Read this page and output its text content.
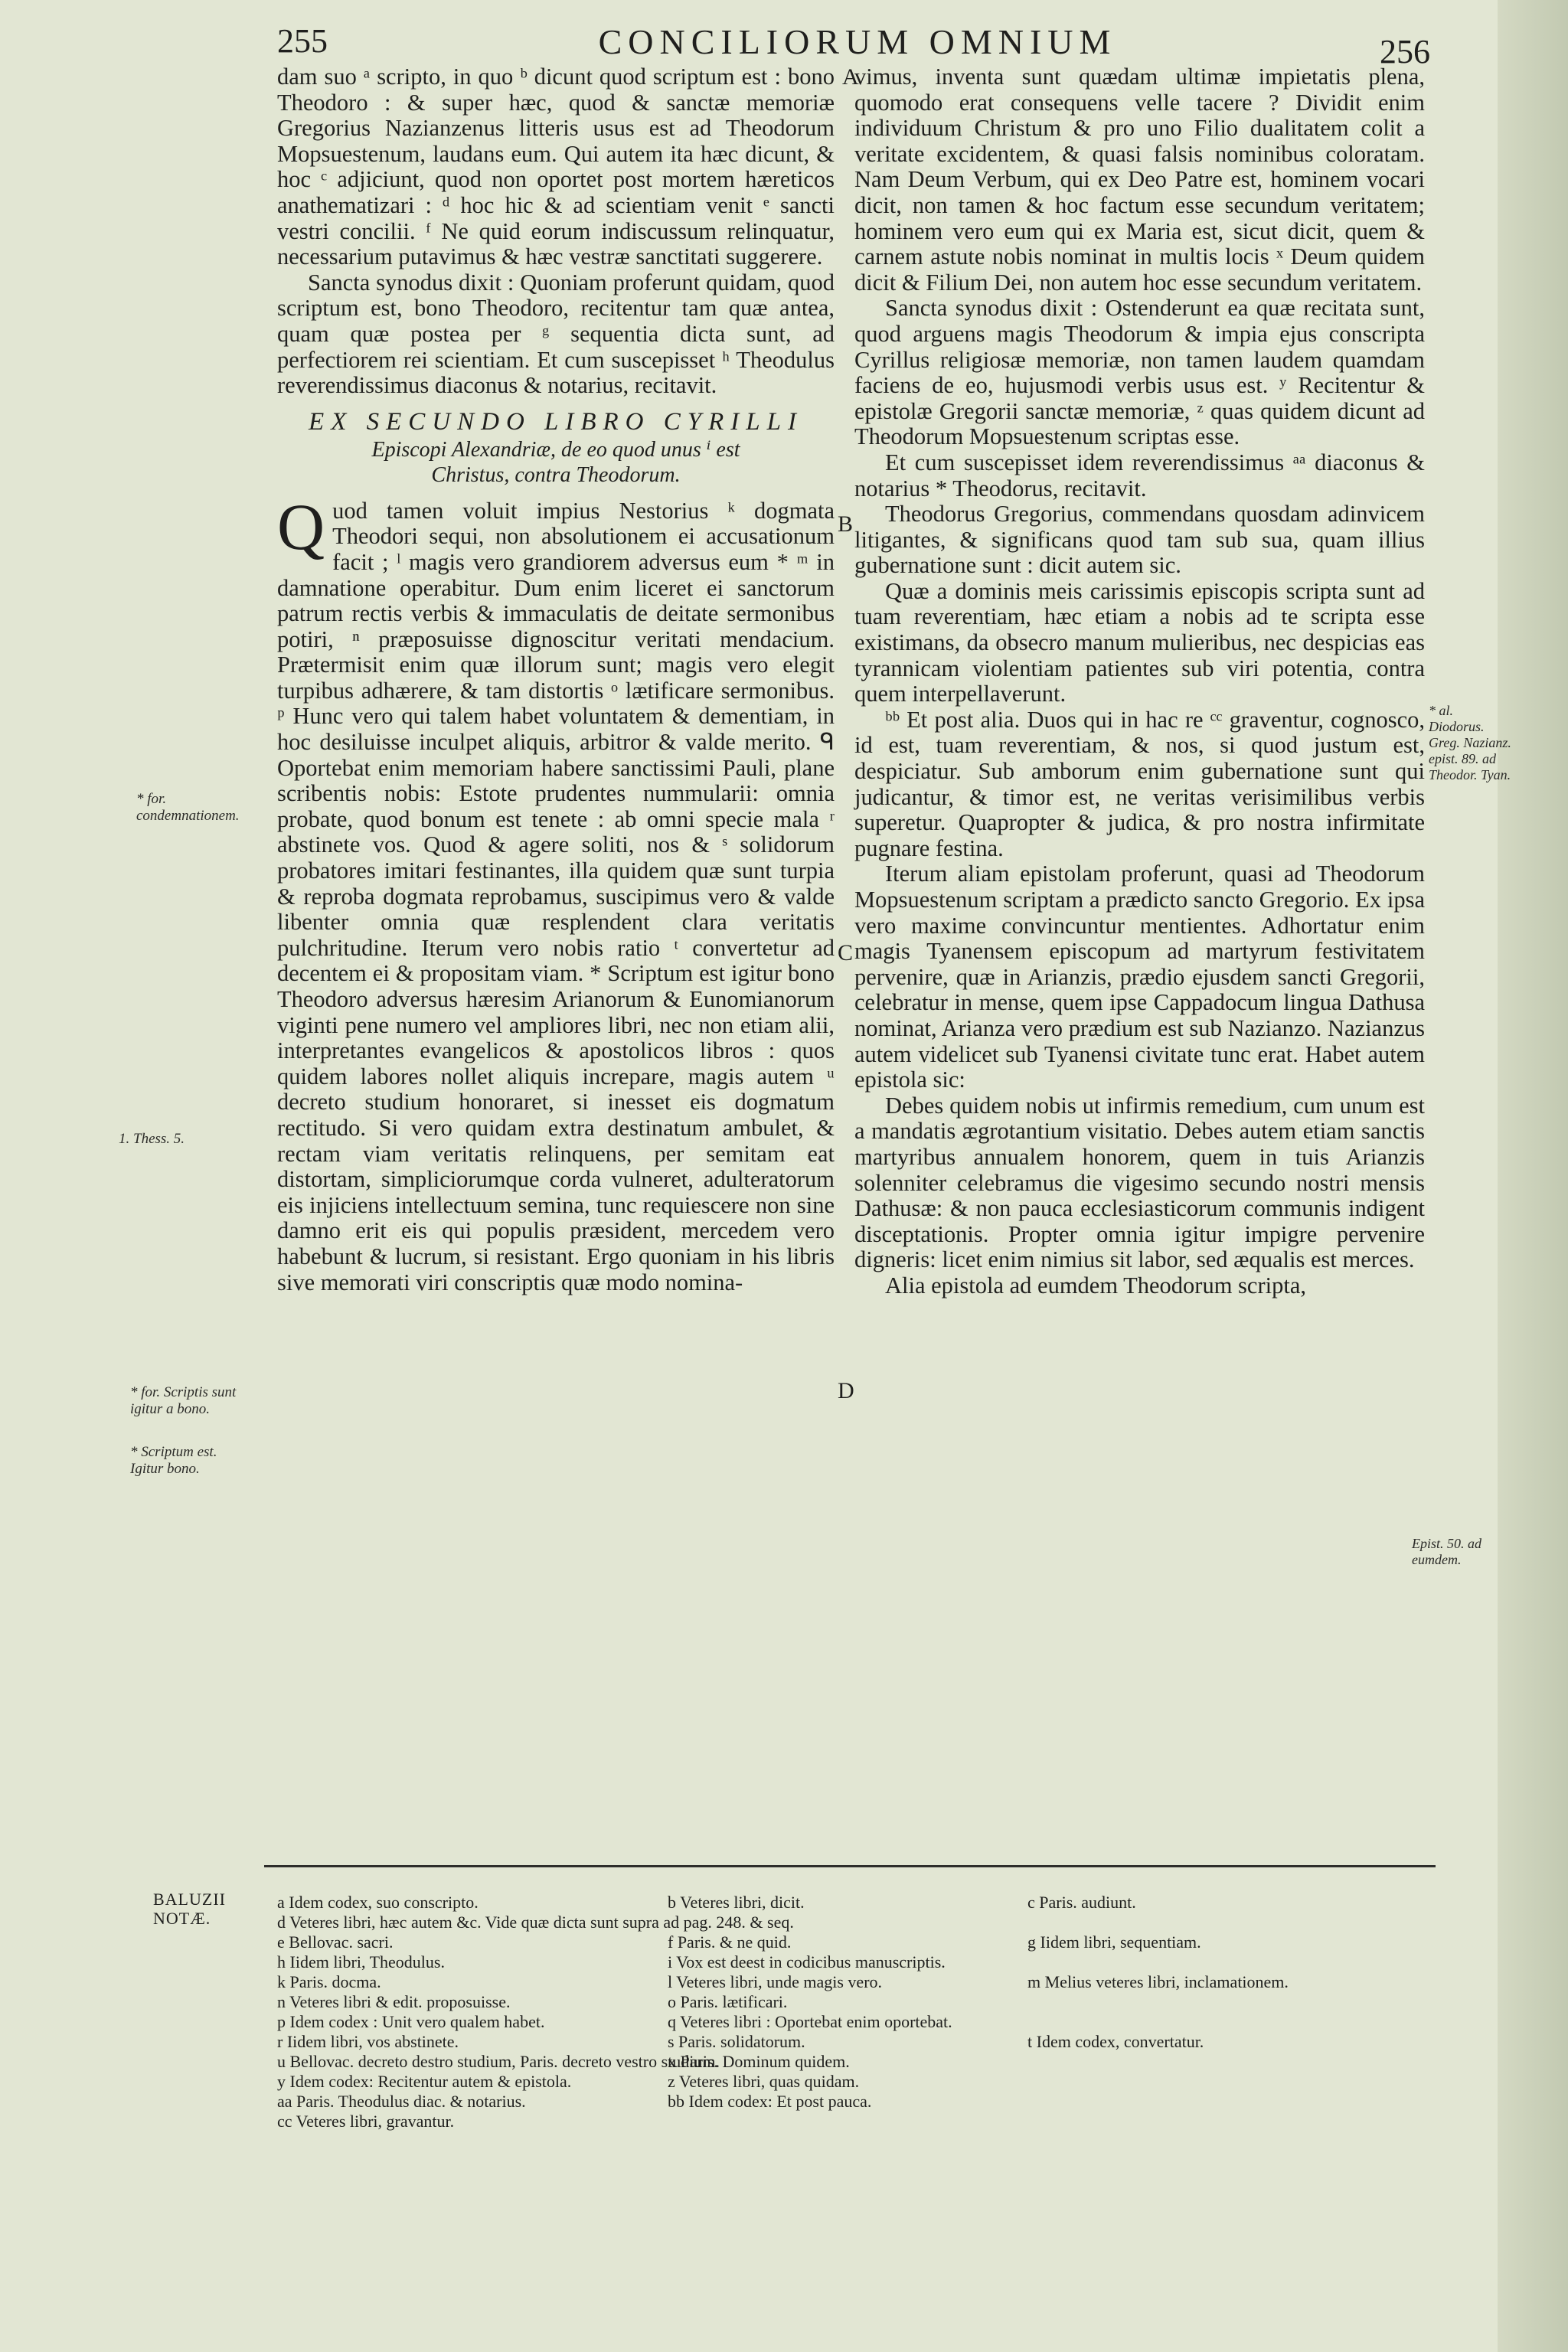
255	CONCILIORUM OMNIUM	256

dam suo ᵃ scripto, in quo ᵇ dicunt quod scriptum est : bono Theodoro : & super hæc, quod & sanctæ memoriæ Gregorius Nazianzenus litteris usus est ad Theodorum Mopsuestenum, laudans eum. Qui autem ita hæc dicunt, & hoc ᶜ adjiciunt, quod non oportet post mortem hæreticos anathematizari : ᵈ hoc hic & ad scientiam venit ᵉ sancti vestri concilii. ᶠ Ne quid eorum indiscussum relinquatur, necessarium putavimus & hæc vestræ sanctitati suggerere.

Sancta synodus dixit : Quoniam proferunt quidam, quod scriptum est, bono Theodoro, recitentur tam quæ antea, quam quæ postea per ᵍ sequentia dicta sunt, ad perfectiorem rei scientiam. Et cum suscepisset ʰ Theodulus reverendissimus diaconus & notarius, recitavit.

EX SECUNDO LIBRO CYRILLI
Episcopi Alexandriæ, de eo quod unus ⁱ est
Christus, contra Theodorum.

Quod tamen voluit impius Nestorius ᵏ dogmata Theodori sequi, non absolutionem ei accusationum facit ; ˡ magis vero grandiorem adversus eum * ᵐ in damnatione operabitur. Dum enim liceret ei sanctorum patrum rectis verbis & immaculatis de deitate sermonibus potiri, ⁿ præposuisse dignoscitur veritati mendacium. Prætermisit enim quæ illorum sunt; magis vero elegit turpibus adhærere, & tam distortis ᵒ lætificare sermonibus. ᵖ Hunc vero qui talem habet voluntatem & dementiam, in hoc desiluisse inculpet aliquis, arbitror & valde merito. ᑫ Oportebat enim memoriam habere sanctissimi Pauli, plane scribentis nobis: Estote prudentes nummularii: omnia probate, quod bonum est tenete : ab omni specie mala ʳ abstinete vos. Quod & agere soliti, nos & ˢ solidorum probatores imitari festinantes, illa quidem quæ sunt turpia & reproba dogmata reprobamus, suscipimus vero & valde libenter omnia quæ resplendent clara veritatis pulchritudine. Iterum vero nobis ratio ᵗ convertetur ad decentem ei & propositam viam. * Scriptum est igitur bono Theodoro adversus hæresim Arianorum & Eunomianorum viginti pene numero vel ampliores libri, nec non etiam alii, interpretantes evangelicos & apostolicos libros : quos quidem labores nollet aliquis increpare, magis autem ᵘ decreto studium honoraret, si inesset eis dogmatum rectitudo. Si vero quidam extra destinatum ambulet, & rectam viam veritatis relinquens, per semitam eat distortam, simpliciorumque corda vulneret, adulteratorum eis injiciens intellectuum semina, tunc requiescere non sine damno erit eis qui populis præsident, mercedem vero habebunt & lucrum, si resistant. Ergo quoniam in his libris sive memorati viri conscriptis quæ modo nomina-

vimus, inventa sunt quædam ultimæ impietatis plena, quomodo erat consequens velle tacere ? Dividit enim individuum Christum & pro uno Filio dualitatem colit a veritate excidentem, & quasi falsis nominibus coloratam. Nam Deum Verbum, qui ex Deo Patre est, hominem vocari dicit, non tamen & hoc factum esse secundum veritatem; hominem vero eum qui ex Maria est, sicut dicit, quem & carnem astute nobis nominat in multis locis ˣ Deum quidem dicit & Filium Dei, non autem hoc esse secundum veritatem.

Sancta synodus dixit : Ostenderunt ea quæ recitata sunt, quod arguens magis Theodorum & impia ejus conscripta Cyrillus religiosæ memoriæ, non tamen laudem quamdam faciens de eo, hujusmodi verbis usus est. ʸ Recitentur & epistolæ Gregorii sanctæ memoriæ, ᶻ quas quidem dicunt ad Theodorum Mopsuestenum scriptas esse.

Et cum suscepisset idem reverendissimus ᵃᵃ diaconus & notarius * Theodorus, recitavit.

Theodorus Gregorius, commendans quosdam adinvicem litigantes, & significans quod tam sub sua, quam illius gubernatione sunt : dicit autem sic.

Quæ a dominis meis carissimis episcopis scripta sunt ad tuam reverentiam, hæc etiam a nobis ad te scripta esse existimans, da obsecro manum mulieribus, nec despicias eas tyrannicam violentiam patientes sub viri potentia, contra quem interpellaverunt.

ᵇᵇ Et post alia. Duos qui in hac re ᶜᶜ graventur, cognosco, id est, tuam reverentiam, & nos, si quod justum est, despiciatur. Sub amborum enim gubernatione sunt qui judicantur, & timor est, ne veritas verisimilibus verbis superetur. Quapropter & judica, & pro nostra infirmitate pugnare festina.

Iterum aliam epistolam proferunt, quasi ad Theodorum Mopsuestenum scriptam a prædicto sancto Gregorio. Ex ipsa vero maxime convincuntur mentientes. Adhortatur enim magis Tyanensem episcopum ad martyrum festivitatem pervenire, quæ in Arianzis, prædio ejusdem sancti Gregorii, celebratur in mense, quem ipse Cappadocum lingua Dathusa nominat, Arianza vero prædium est sub Nazianzo. Nazianzus autem videlicet sub Tyanensi civitate tunc erat. Habet autem epistola sic:

Debes quidem nobis ut infirmis remedium, cum unum est a mandatis ægrotantium visitatio. Debes autem etiam sanctis martyribus annualem honorem, quem in tuis Arianzis solenniter celebramus die vigesimo secundo nostri mensis Dathusæ: & non pauca ecclesiasticorum communis indigent disceptationis. Propter omnia igitur impigre pervenire digneris: licet enim nimius sit labor, sed æqualis est merces.

Alia epistola ad eumdem Theodorum scripta,

A
B
C
D
* for. condemnationem.
1. Thess. 5.
* for. Scriptis sunt igitur a bono.
* Scriptum est. Igitur bono.
* al. Diodorus. Greg. Nazianz. epist. 89. ad Theodor. Tyan.
Epist. 50. ad eumdem.
BALUZII
NOTÆ.
a Idem codex, suo conscripto.	b Veteres libri, dicit.	c Paris. audiunt.
d Veteres libri, hæc autem &c. Vide quæ dicta sunt supra ad pag. 248. & seq.
e Bellovac. sacri.	f Paris. & ne quid.	g Iidem libri, sequentiam.
h Iidem libri, Theodulus.	i Vox est deest in codicibus manuscriptis.
k Paris. docma.	l Veteres libri, unde magis vero.	m Melius veteres libri, inclamationem.
n Veteres libri & edit. proposuisse.	o Paris. lætificari.
p Idem codex : Unit vero qualem habet.	q Veteres libri : Oportebat enim oportebat.
r Iidem libri, vos abstinete.	s Paris. solidatorum.	t Idem codex, convertatur.
u Bellovac. decreto destro studium, Paris. decreto vestro studium.
x Paris. Dominum quidem.
y Idem codex: Recitentur autem & epistola.	z Veteres libri, quas quidam.
aa Paris. Theodulus diac. & notarius.	bb Idem codex: Et post pauca.
cc Veteres libri, gravantur.
